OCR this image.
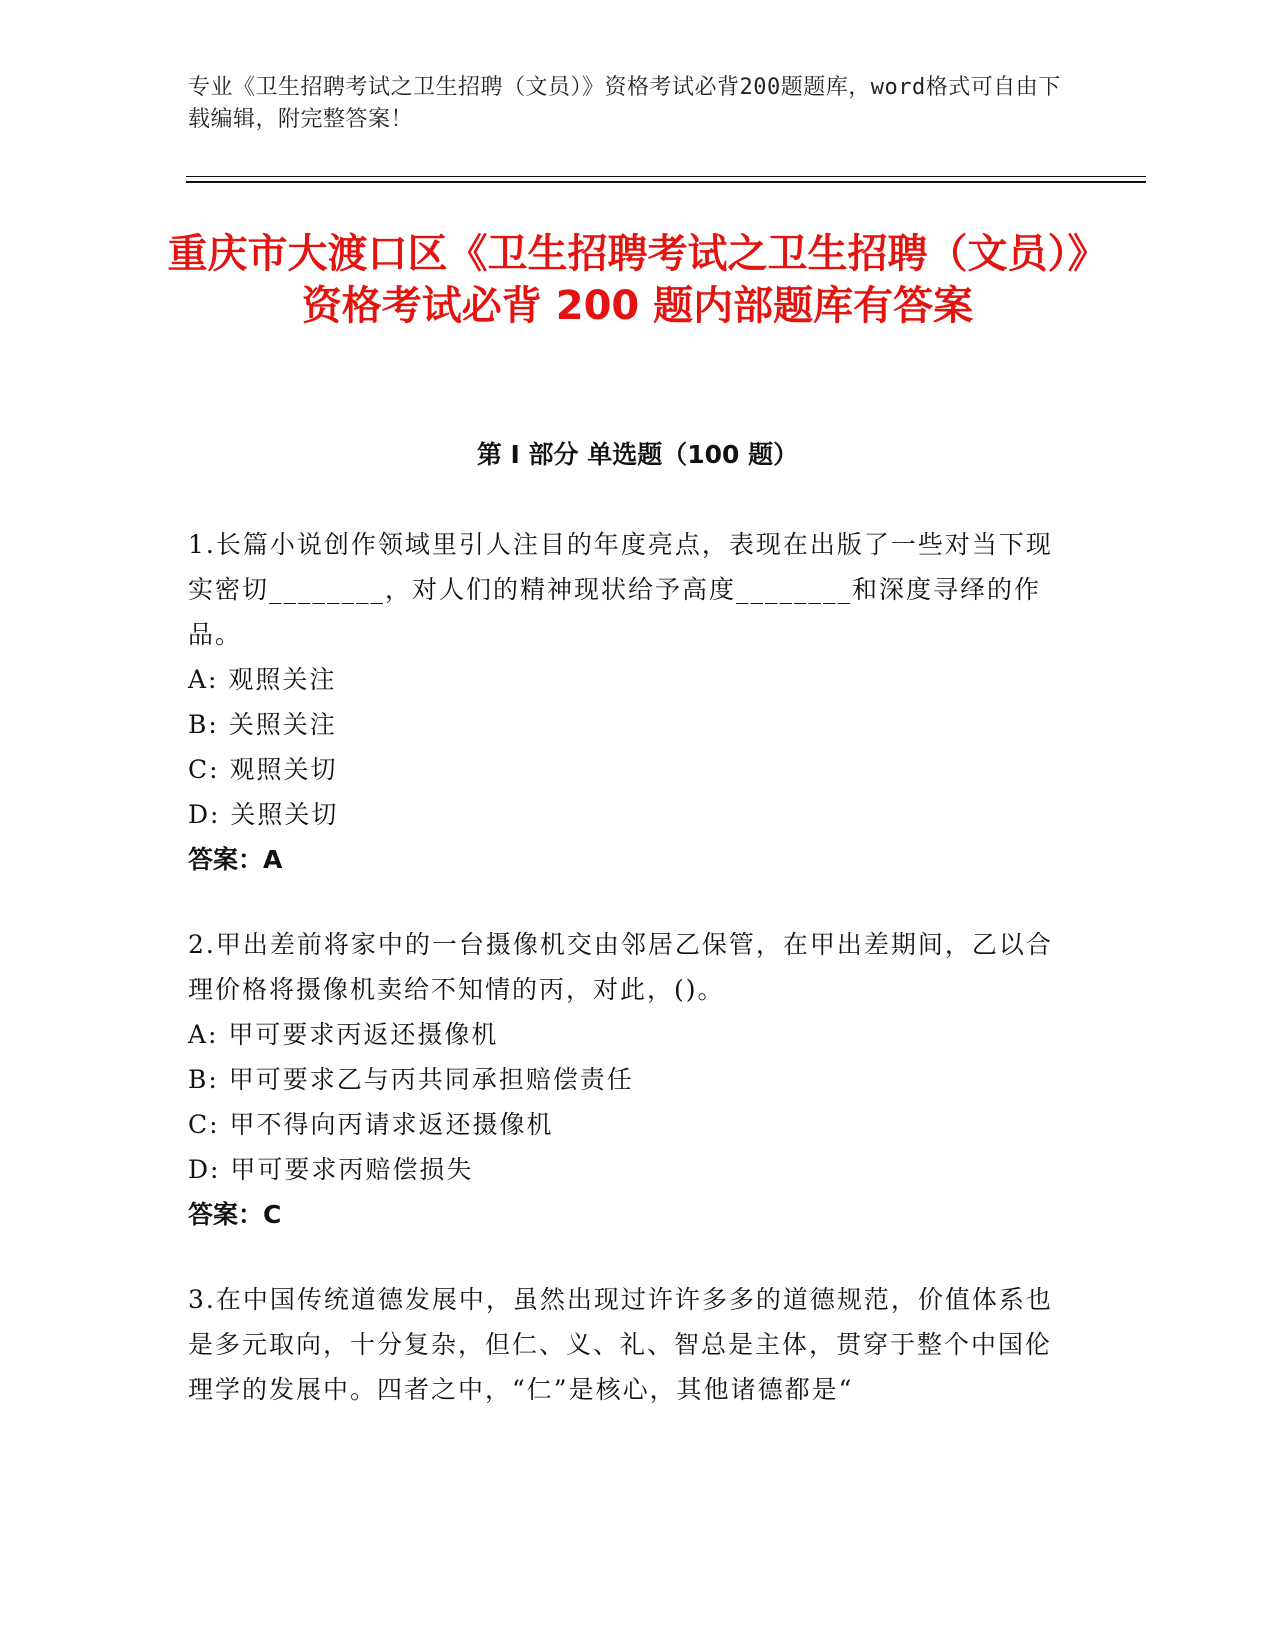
专业《卫生招聘考试之卫生招聘（文员）》资格考试必背200题题库，word格式可自由下载编辑，附完整答案！
重庆市大渡口区《卫生招聘考试之卫生招聘（文员）》资格考试必背 200 题内部题库有答案
第 I 部分 单选题（100 题）

1.长篇小说创作领域里引人注目的年度亮点，表现在出版了一些对当下现实密切________，对人们的精神现状给予高度________和深度寻绎的作品。

A: 观照关注

B: 关照关注

C: 观照关切

D: 关照关切

答案：A

2.甲出差前将家中的一台摄像机交由邻居乙保管，在甲出差期间，乙以合理价格将摄像机卖给不知情的丙，对此，()。

A: 甲可要求丙返还摄像机

B: 甲可要求乙与丙共同承担赔偿责任

C: 甲不得向丙请求返还摄像机

D: 甲可要求丙赔偿损失

答案：C

3.在中国传统道德发展中，虽然出现过许许多多的道德规范，价值体系也是多元取向，十分复杂，但仁、义、礼、智总是主体，贯穿于整个中国伦理学的发展中。四者之中，“仁”是核心，其他诸德都是“
